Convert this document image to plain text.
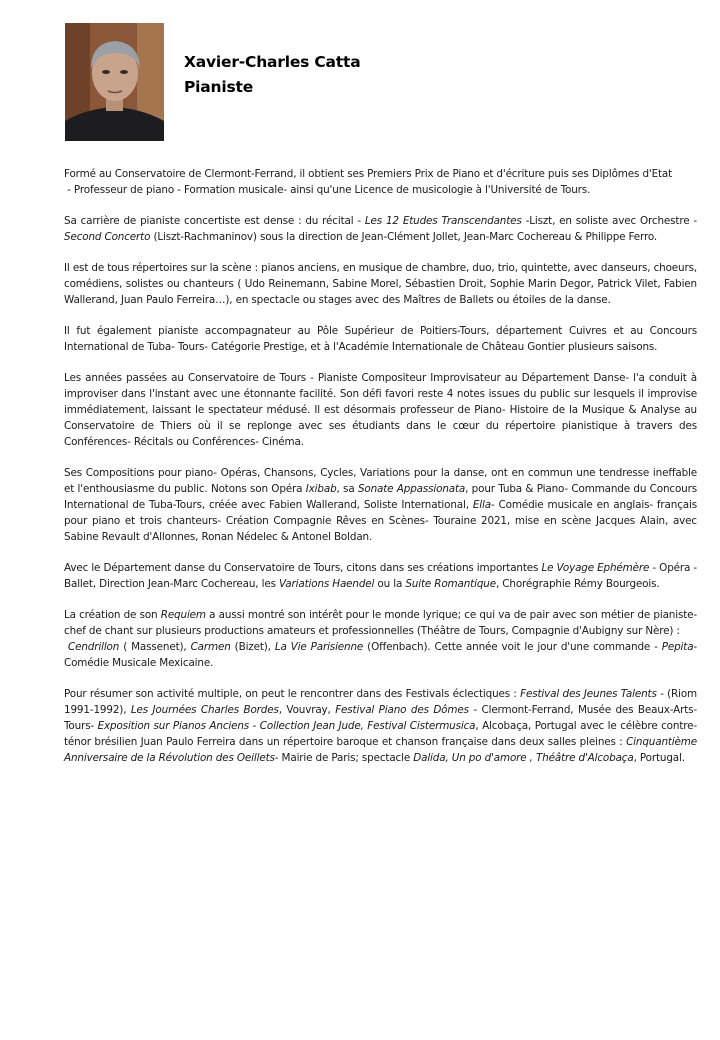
Xavier-Charles Catta
Pianiste

Formé au Conservatoire de Clermont-Ferrand, il obtient ses Premiers Prix de Piano et d'écriture puis ses Diplômes d'Etat
- Professeur de piano - Formation musicale- ainsi qu'une Licence de musicologie à l'Université de Tours.

Sa carrière de pianiste concertiste est dense : du récital - Les 12 Etudes Transcendantes -Liszt, en soliste avec Orchestre - Second Concerto (Liszt-Rachmaninov) sous la direction de Jean-Clément Jollet, Jean-Marc Cochereau & Philippe Ferro.

Il est de tous répertoires sur la scène : pianos anciens, en musique de chambre, duo, trio, quintette, avec danseurs, choeurs,
comédiens, solistes ou chanteurs ( Udo Reinemann, Sabine Morel, Sébastien Droit, Sophie Marin Degor, Patrick Vilet, Fabien Wallerand, Juan Paulo Ferreira…), en spectacle ou stages avec des Maîtres de Ballets ou étoiles de la danse.

Il fut également pianiste accompagnateur au Pôle Supérieur de Poitiers-Tours, département Cuivres et au Concours International de Tuba- Tours- Catégorie Prestige, et à l'Académie Internationale de Château Gontier plusieurs saisons.

Les années passées au Conservatoire de Tours - Pianiste Compositeur Improvisateur au Département Danse- l'a conduit à improviser dans l'instant avec une étonnante facilité. Son défi favori reste 4 notes issues du public sur lesquels il improvise immédiatement, laissant le spectateur médusé. Il est désormais professeur de Piano- Histoire de la Musique & Analyse au Conservatoire de Thiers où il se replonge avec ses étudiants dans le cœur du répertoire pianistique à travers des Conférences- Récitals ou Conférences- Cinéma.

Ses Compositions pour piano- Opéras, Chansons, Cycles, Variations pour la danse, ont en commun une tendresse ineffable et l'enthousiasme du public. Notons son Opéra Ixibab, sa Sonate Appassionata, pour Tuba & Piano- Commande du Concours International de Tuba-Tours, créée avec Fabien Wallerand, Soliste International, Ella- Comédie musicale en anglais- français pour piano et trois chanteurs- Création Compagnie Rêves en Scènes- Touraine 2021, mise en scène Jacques Alain, avec Sabine Revault d'Allonnes, Ronan Nédelec & Antonel Boldan.

Avec le Département danse du Conservatoire de Tours, citons dans ses créations importantes Le Voyage Ephémère - Opéra - Ballet, Direction Jean-Marc Cochereau, les Variations Haendel ou la Suite Romantique, Chorégraphie Rémy Bourgeois.

La création de son Requiem a aussi montré son intérêt pour le monde lyrique; ce qui va de pair avec son métier de pianiste-chef de chant sur plusieurs productions amateurs et professionnelles (Théâtre de Tours, Compagnie d'Aubigny sur Nère) :
Cendrillon ( Massenet), Carmen (Bizet), La Vie Parisienne (Offenbach). Cette année voit le jour d'une commande - Pepita- Comédie Musicale Mexicaine.

Pour résumer son activité multiple, on peut le rencontrer dans des Festivals éclectiques : Festival des Jeunes Talents - (Riom 1991-1992), Les Journées Charles Bordes, Vouvray, Festival Piano des Dômes - Clermont-Ferrand, Musée des Beaux-Arts-Tours- Exposition sur Pianos Anciens - Collection Jean Jude, Festival Cistermusica, Alcobaça, Portugal avec le célèbre contre-ténor brésilien Juan Paulo Ferreira dans un répertoire baroque et chanson française dans deux salles pleines : Cinquantième Anniversaire de la Révolution des Oeillets- Mairie de Paris; spectacle Dalida, Un po d'amore , Théâtre d'Alcobaça, Portugal.
